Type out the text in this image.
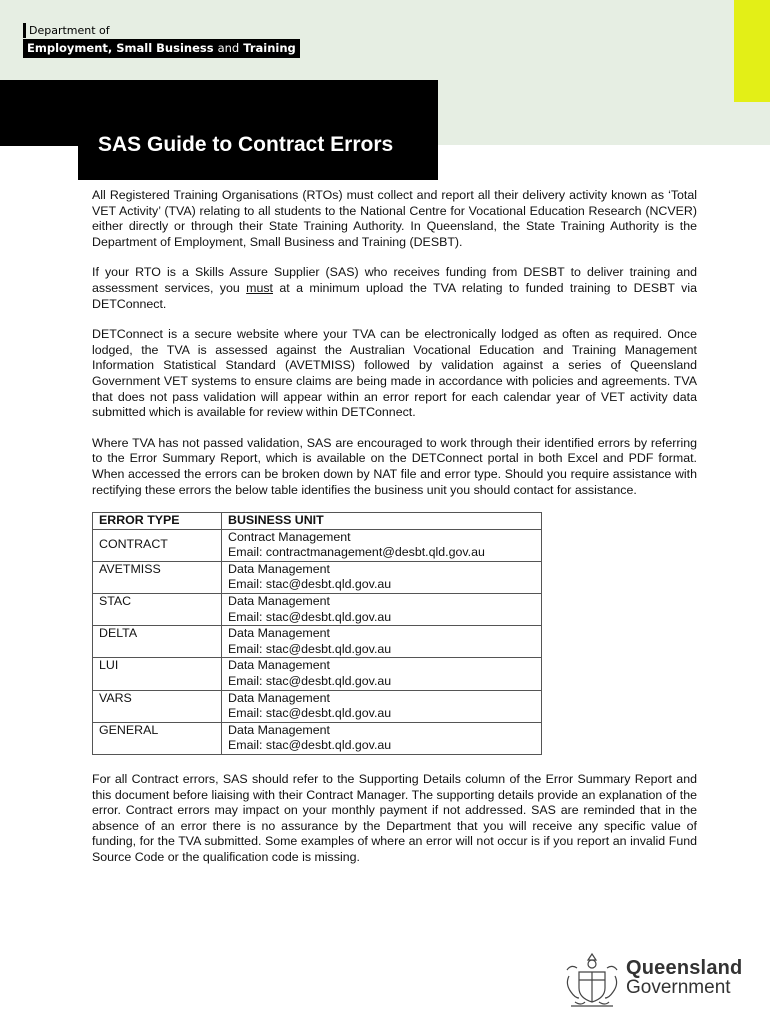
Department of
Employment, Small Business and Training
SAS Guide to Contract Errors

All Registered Training Organisations (RTOs) must collect and report all their delivery activity known as ‘Total VET Activity’ (TVA) relating to all students to the National Centre for Vocational Education Research (NCVER) either directly or through their State Training Authority. In Queensland, the State Training Authority is the Department of Employment, Small Business and Training (DESBT).

If your RTO is a Skills Assure Supplier (SAS) who receives funding from DESBT to deliver training and assessment services, you must at a minimum upload the TVA relating to funded training to DESBT via DETConnect.

DETConnect is a secure website where your TVA can be electronically lodged as often as required. Once lodged, the TVA is assessed against the Australian Vocational Education and Training Management Information Statistical Standard (AVETMISS) followed by validation against a series of Queensland Government VET systems to ensure claims are being made in accordance with policies and agreements. TVA that does not pass validation will appear within an error report for each calendar year of VET activity data submitted which is available for review within DETConnect.

Where TVA has not passed validation, SAS are encouraged to work through their identified errors by referring to the Error Summary Report, which is available on the DETConnect portal in both Excel and PDF format. When accessed the errors can be broken down by NAT file and error type. Should you require assistance with rectifying these errors the below table identifies the business unit you should contact for assistance.

ERROR TYPE	BUSINESS UNIT
CONTRACT	Contract Management
Email: contractmanagement@desbt.qld.gov.au

AVETMISS	Data Management
Email: stac@desbt.qld.gov.au

STAC	Data Management
Email: stac@desbt.qld.gov.au

DELTA	Data Management
Email: stac@desbt.qld.gov.au

LUI	Data Management
Email: stac@desbt.qld.gov.au

VARS	Data Management
Email: stac@desbt.qld.gov.au

GENERAL	Data Management
Email: stac@desbt.qld.gov.au

For all Contract errors, SAS should refer to the Supporting Details column of the Error Summary Report and this document before liaising with their Contract Manager. The supporting details provide an explanation of the error. Contract errors may impact on your monthly payment if not addressed. SAS are reminded that in the absence of an error there is no assurance by the Department that you will receive any specific value of funding, for the TVA submitted. Some examples of where an error will not occur is if you report an invalid Fund Source Code or the qualification code is missing.

Queensland
Government
